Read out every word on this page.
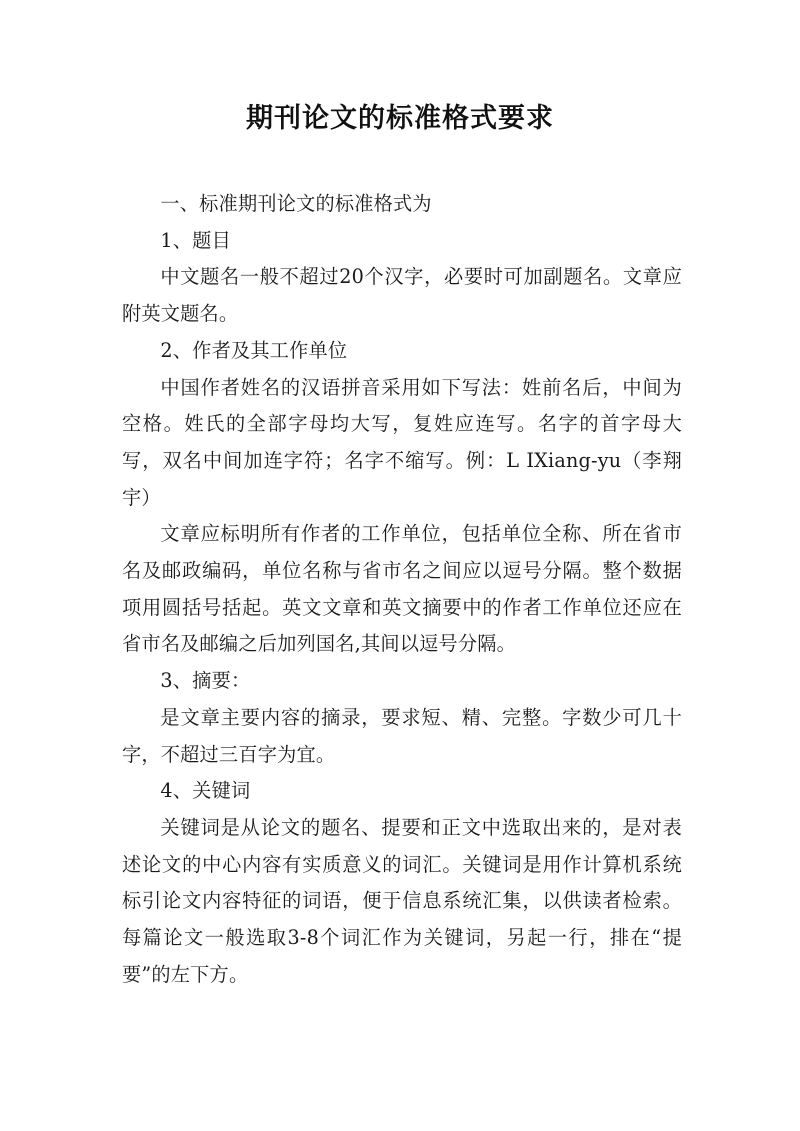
期刊论文的标准格式要求

一、标准期刊论文的标准格式为

1、题目

中文题名一般不超过20个汉字，必要时可加副题名。文章应附英文题名。

2、作者及其工作单位

中国作者姓名的汉语拼音采用如下写法：姓前名后，中间为空格。姓氏的全部字母均大写，复姓应连写。名字的首字母大写，双名中间加连字符；名字不缩写。例：L IXiang-yu（李翔宇）

文章应标明所有作者的工作单位，包括单位全称、所在省市名及邮政编码，单位名称与省市名之间应以逗号分隔。整个数据项用圆括号括起。英文文章和英文摘要中的作者工作单位还应在省市名及邮编之后加列国名,其间以逗号分隔。

3、摘要：

是文章主要内容的摘录，要求短、精、完整。字数少可几十字，不超过三百字为宜。

4、关键词

关键词是从论文的题名、提要和正文中选取出来的，是对表述论文的中心内容有实质意义的词汇。关键词是用作计算机系统标引论文内容特征的词语，便于信息系统汇集，以供读者检索。每篇论文一般选取3-8个词汇作为关键词，另起一行，排在“提要”的左下方。
